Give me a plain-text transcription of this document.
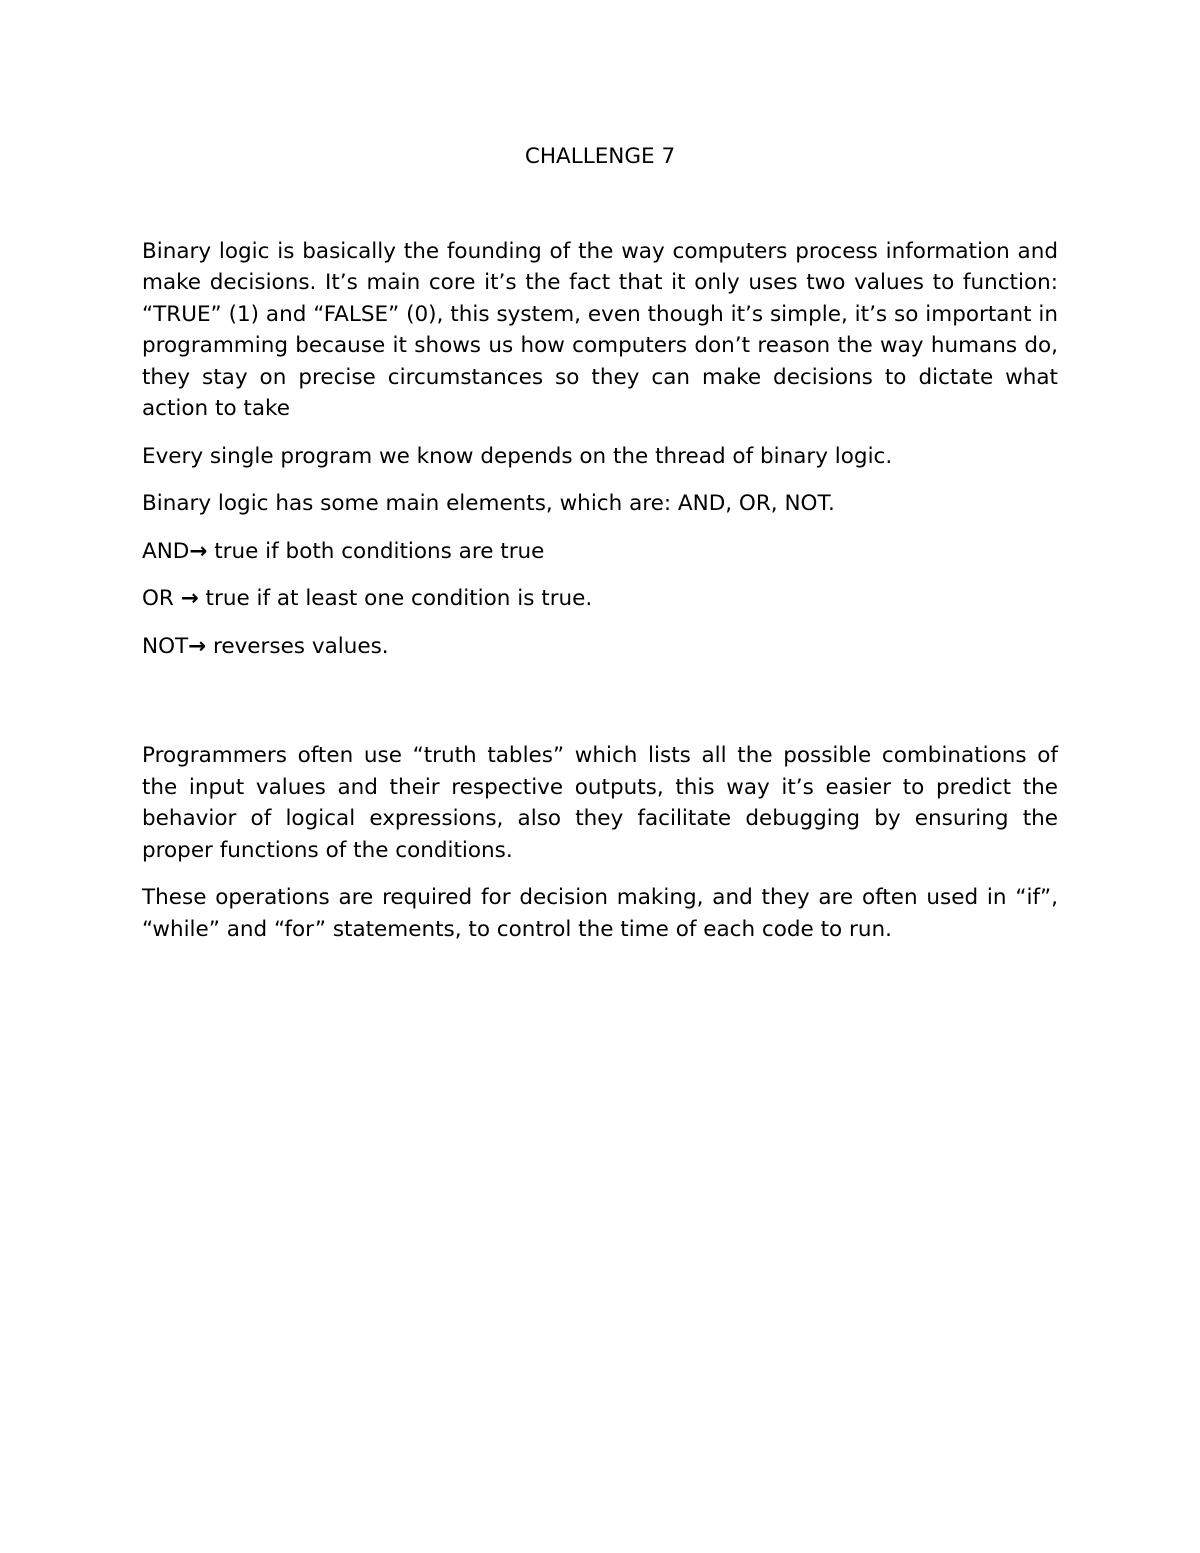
CHALLENGE 7

Binary logic is basically the founding of the way computers process information and make decisions. It’s main core it’s the fact that it only uses two values to function: “TRUE” (1) and “FALSE” (0), this system, even though it’s simple, it’s so important in programming because it shows us how computers don’t reason the way humans do, they stay on precise circumstances so they can make decisions to dictate what action to take

Every single program we know depends on the thread of binary logic.

Binary logic has some main elements, which are: AND, OR, NOT.

AND→ true if both conditions are true
OR → true if at least one condition is true.
NOT→ reverses values.

Programmers often use “truth tables” which lists all the possible combinations of the input values and their respective outputs, this way it’s easier to predict the behavior of logical expressions, also they facilitate debugging by ensuring the proper functions of the conditions.

These operations are required for decision making, and they are often used in “if”, “while” and “for” statements, to control the time of each code to run.
